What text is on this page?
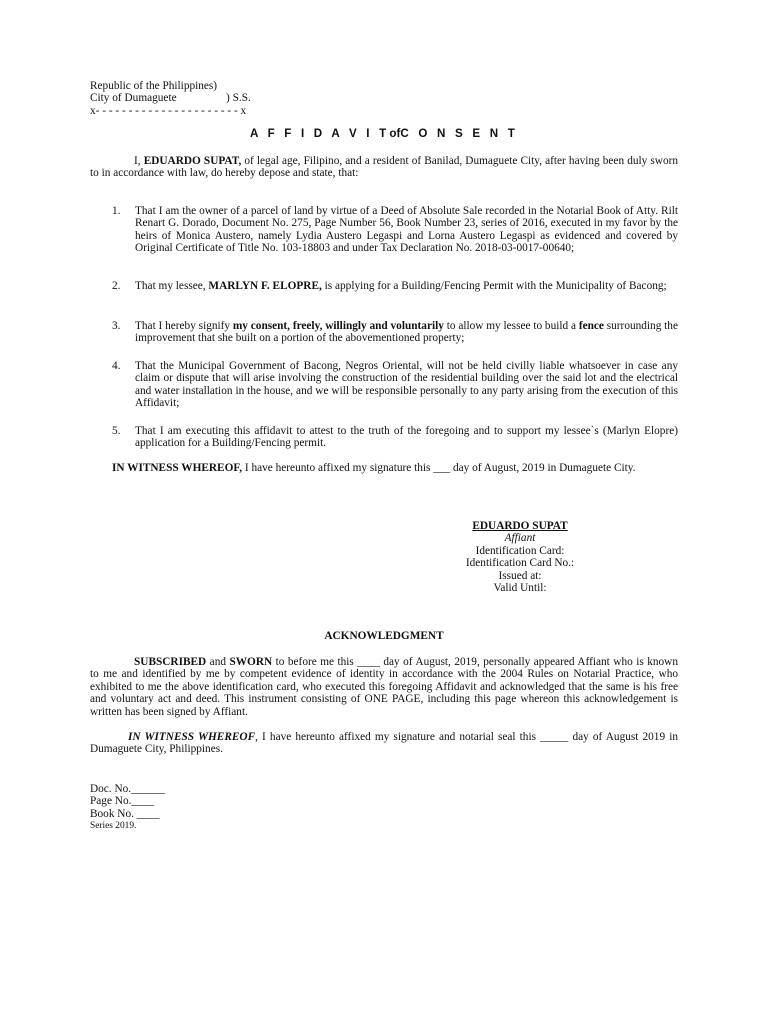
Republic of the Philippines)
City of Dumaguete	) S.S.
x- - - - - - - - - - - - - - - - - - - - - - x
A F F I D A V I TofC O N S E N T
I, EDUARDO SUPAT, of legal age, Filipino, and a resident of Banilad, Dumaguete City, after having been duly sworn to in accordance with law, do hereby depose and state, that:
1. That I am the owner of a parcel of land by virtue of a Deed of Absolute Sale recorded in the Notarial Book of Atty. Rilt Renart G. Dorado, Document No. 275, Page Number 56, Book Number 23, series of 2016, executed in my favor by the heirs of Monica Austero, namely Lydia Austero Legaspi and Lorna Austero Legaspi as evidenced and covered by Original Certificate of Title No. 103-18803 and under Tax Declaration No. 2018-03-0017-00640;
2. That my lessee, MARLYN F. ELOPRE, is applying for a Building/Fencing Permit with the Municipality of Bacong;
3. That I hereby signify my consent, freely, willingly and voluntarily to allow my lessee to build a fence surrounding the improvement that she built on a portion of the abovementioned property;
4. That the Municipal Government of Bacong, Negros Oriental, will not be held civilly liable whatsoever in case any claim or dispute that will arise involving the construction of the residential building over the said lot and the electrical and water installation in the house, and we will be responsible personally to any party arising from the execution of this Affidavit;
5. That I am executing this affidavit to attest to the truth of the foregoing and to support my lessee`s (Marlyn Elopre) application for a Building/Fencing permit.
IN WITNESS WHEREOF, I have hereunto affixed my signature this ___ day of August, 2019 in Dumaguete City.
EDUARDO SUPAT
Affiant
Identification Card:
Identification Card No.:
Issued at:
Valid Until:
ACKNOWLEDGMENT
SUBSCRIBED and SWORN to before me this ____ day of August, 2019, personally appeared Affiant who is known to me and identified by me by competent evidence of identity in accordance with the 2004 Rules on Notarial Practice, who exhibited to me the above identification card, who executed this foregoing Affidavit and acknowledged that the same is his free and voluntary act and deed. This instrument consisting of ONE PAGE, including this page whereon this acknowledgement is written has been signed by Affiant.
IN WITNESS WHEREOF, I have hereunto affixed my signature and notarial seal this _____ day of August 2019 in Dumaguete City, Philippines.
Doc. No.______
Page No.____
Book No. ____
Series 2019.
